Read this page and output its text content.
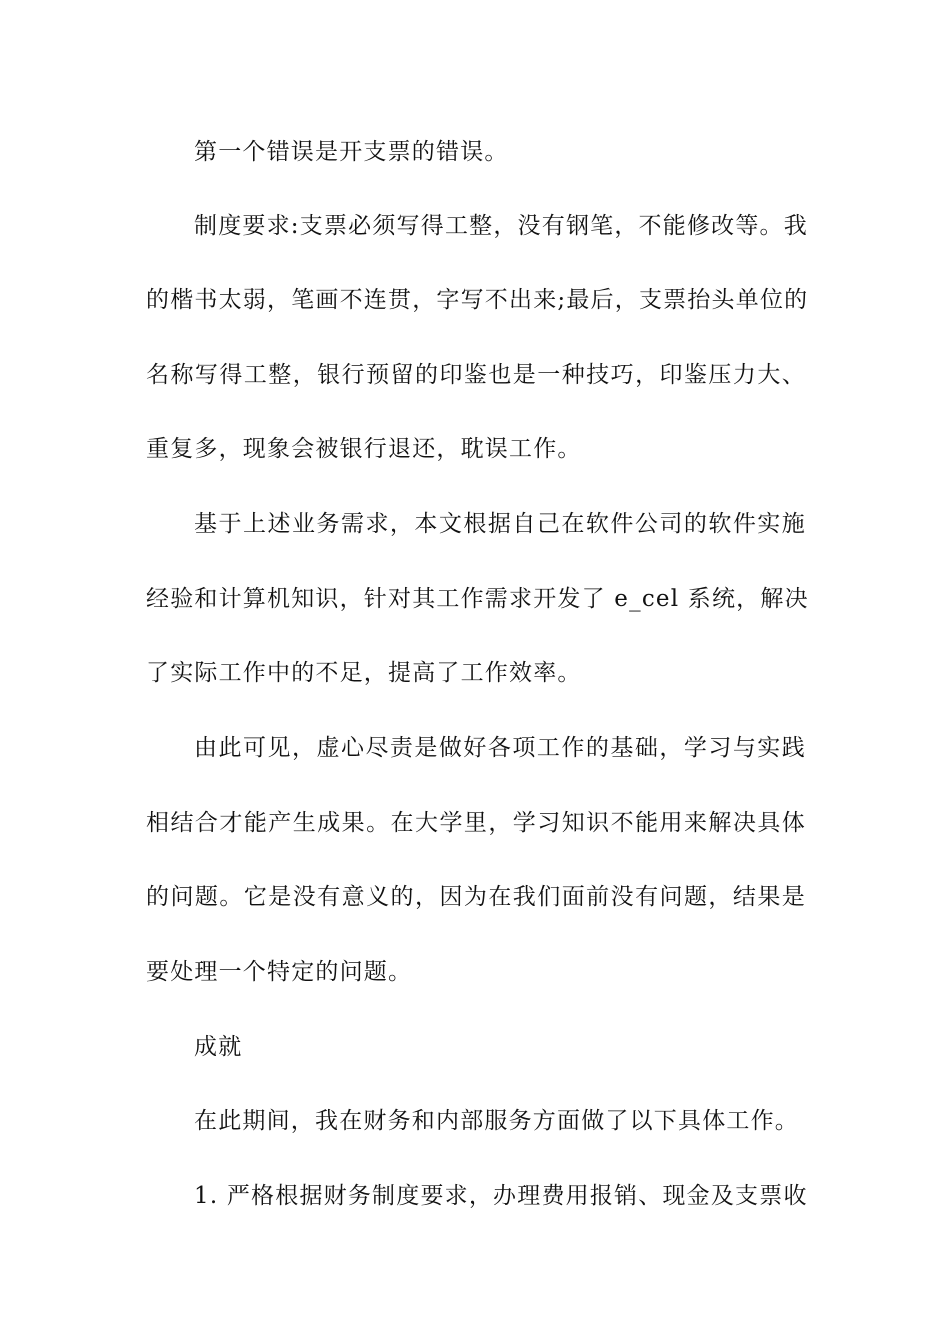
第一个错误是开支票的错误。
制度要求:支票必须写得工整，没有钢笔，不能修改等。我
的楷书太弱，笔画不连贯，字写不出来;最后，支票抬头单位的
名称写得工整，银行预留的印鉴也是一种技巧，印鉴压力大、
重复多，现象会被银行退还，耽误工作。
基于上述业务需求，本文根据自己在软件公司的软件实施
经验和计算机知识，针对其工作需求开发了 e_cel 系统，解决
了实际工作中的不足，提高了工作效率。
由此可见，虚心尽责是做好各项工作的基础，学习与实践
相结合才能产生成果。在大学里，学习知识不能用来解决具体
的问题。它是没有意义的，因为在我们面前没有问题，结果是
要处理一个特定的问题。
成就
在此期间，我在财务和内部服务方面做了以下具体工作。
1. 严格根据财务制度要求，办理费用报销、现金及支票收
